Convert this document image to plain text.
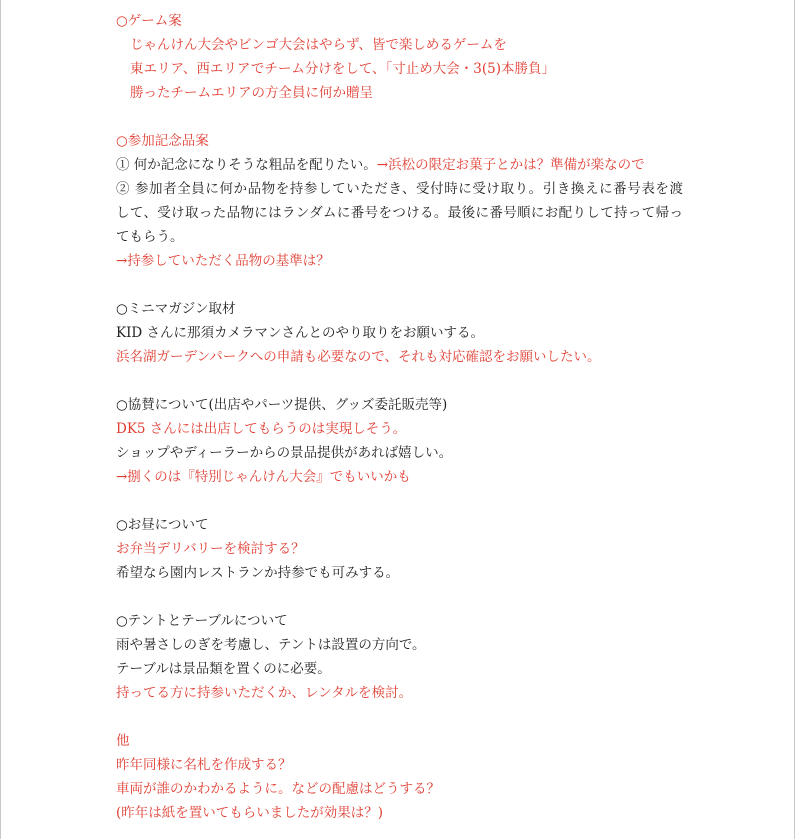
○ゲーム案
じゃんけん大会やビンゴ大会はやらず、皆で楽しめるゲームを
東エリア、西エリアでチーム分けをして、「寸止め大会・3(5)本勝負」
勝ったチームエリアの方全員に何か贈呈
○参加記念品案
① 何か記念になりそうな粗品を配りたい。→浜松の限定お菓子とかは？準備が楽なので
② 参加者全員に何か品物を持参していただき、受付時に受け取り。引き換えに番号表を渡
して、受け取った品物にはランダムに番号をつける。最後に番号順にお配りして持って帰っ
てもらう。
→持参していただく品物の基準は？
○ミニマガジン取材
KID さんに那須カメラマンさんとのやり取りをお願いする。
浜名湖ガーデンパークへの申請も必要なので、それも対応確認をお願いしたい。
○協賛について(出店やパーツ提供、グッズ委託販売等)
DK5 さんには出店してもらうのは実現しそう。
ショップやディーラーからの景品提供があれば嬉しい。
→捌くのは『特別じゃんけん大会』でもいいかも
○お昼について
お弁当デリバリーを検討する？
希望なら園内レストランか持参でも可みする。
○テントとテーブルについて
雨や暑さしのぎを考慮し、テントは設置の方向で。
テーブルは景品類を置くのに必要。
持ってる方に持参いただくか、レンタルを検討。
他
昨年同様に名札を作成する？
車両が誰のかわかるように。などの配慮はどうする？
(昨年は紙を置いてもらいましたが効果は？)
